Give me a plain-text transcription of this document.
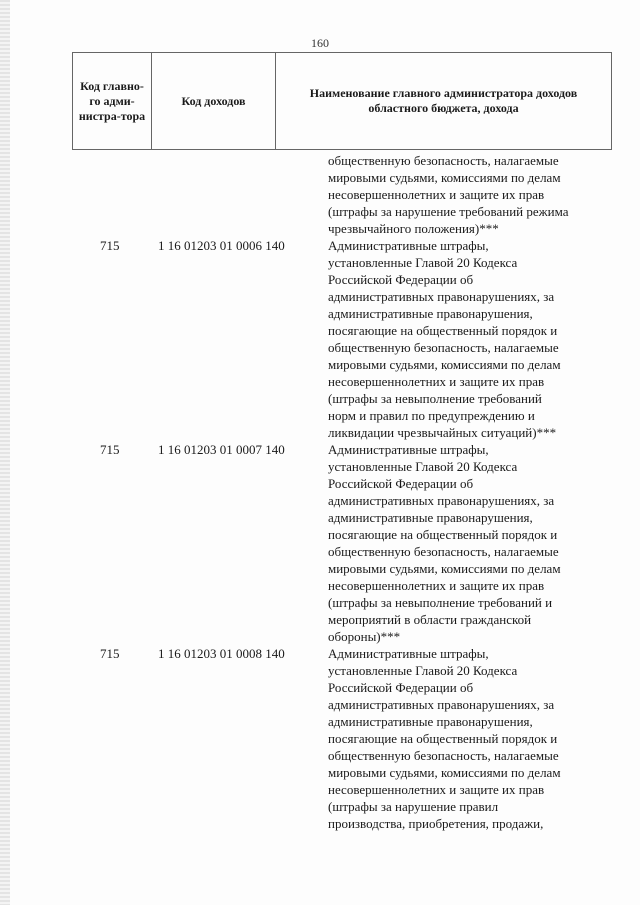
160
Код главно-го адми-нистра-тора	Код доходов	Наименование главного администратора доходов областного бюджета, дохода
общественную безопасность, налагаемые
мировыми судьями, комиссиями по делам
несовершеннолетних и защите их прав
(штрафы за нарушение требований режима
чрезвычайного положения)***
715	1 16 01203 01 0006 140	Административные штрафы,
установленные Главой 20 Кодекса
Российской Федерации об
административных правонарушениях, за
административные правонарушения,
посягающие на общественный порядок и
общественную безопасность, налагаемые
мировыми судьями, комиссиями по делам
несовершеннолетних и защите их прав
(штрафы за невыполнение требований
норм и правил по предупреждению и
ликвидации чрезвычайных ситуаций)***
715	1 16 01203 01 0007 140	Административные штрафы,
установленные Главой 20 Кодекса
Российской Федерации об
административных правонарушениях, за
административные правонарушения,
посягающие на общественный порядок и
общественную безопасность, налагаемые
мировыми судьями, комиссиями по делам
несовершеннолетних и защите их прав
(штрафы за невыполнение требований и
мероприятий в области гражданской
обороны)***
715	1 16 01203 01 0008 140	Административные штрафы,
установленные Главой 20 Кодекса
Российской Федерации об
административных правонарушениях, за
административные правонарушения,
посягающие на общественный порядок и
общественную безопасность, налагаемые
мировыми судьями, комиссиями по делам
несовершеннолетних и защите их прав
(штрафы за нарушение правил
производства, приобретения, продажи,
